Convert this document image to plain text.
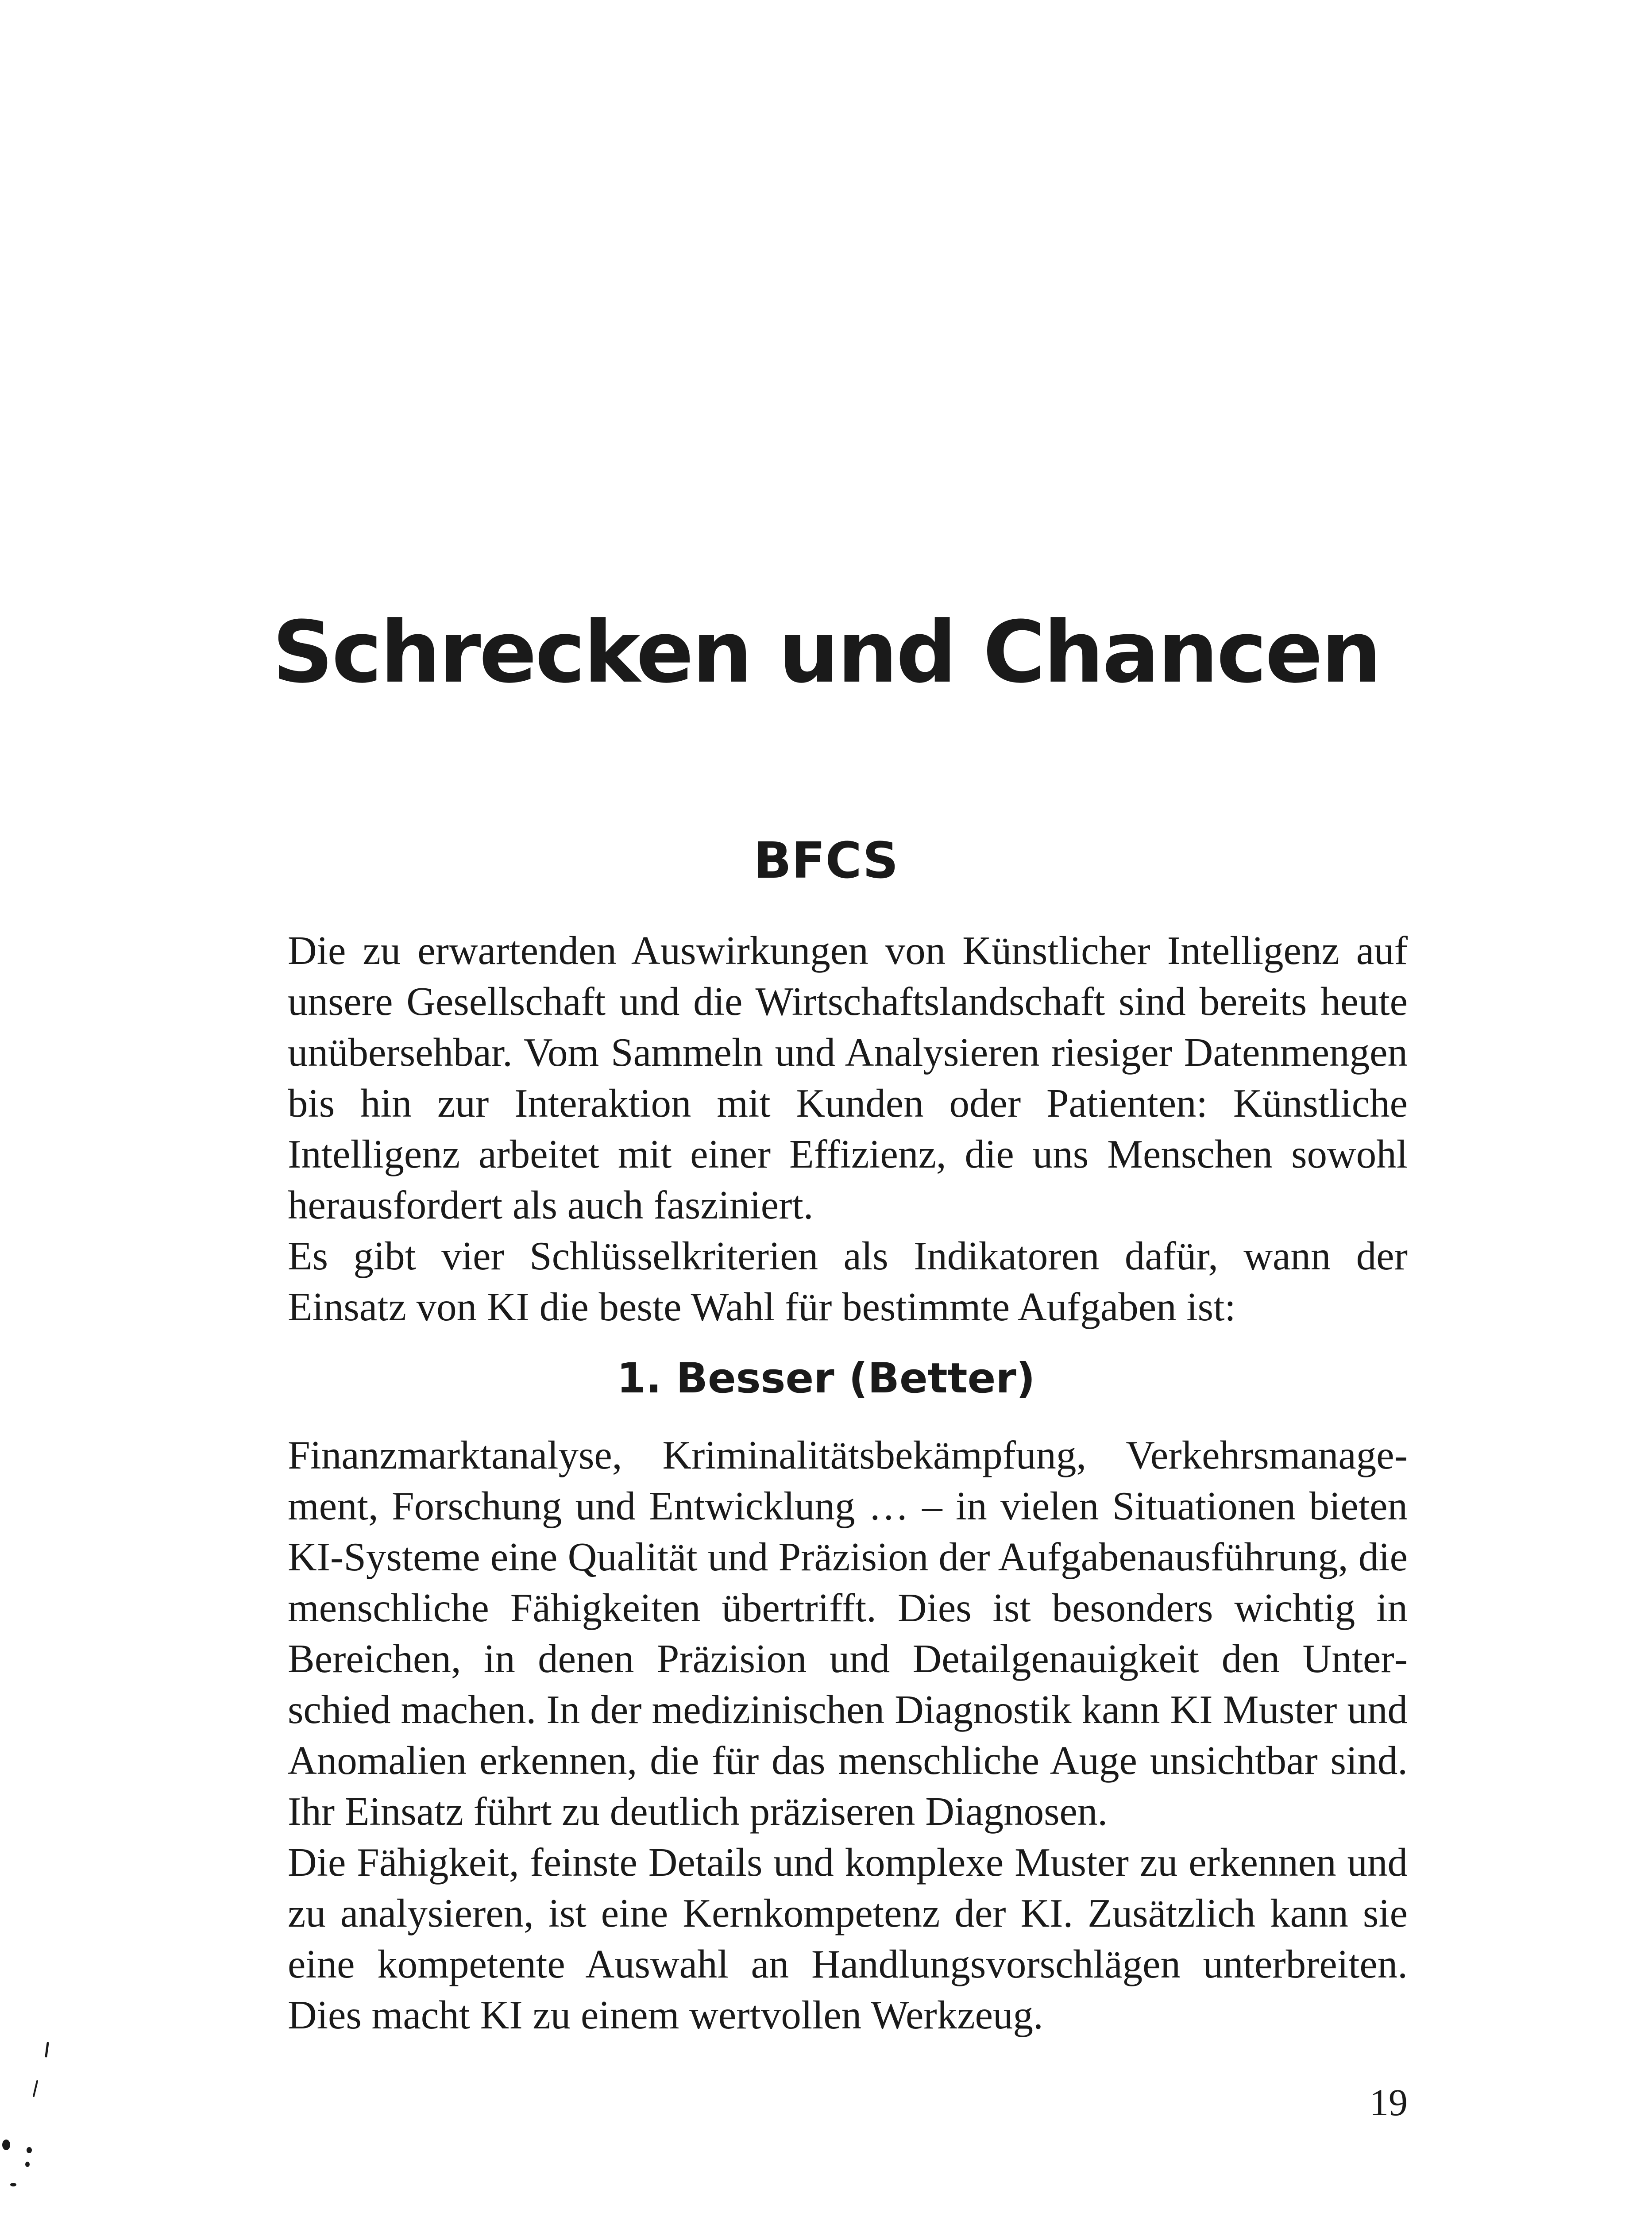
Schrecken und Chancen
BFCS

Die zu erwartenden Auswirkungen von Künstlicher Intelligenz auf unsere Gesellschaft und die Wirtschaftslandschaft sind bereits heute unübersehbar. Vom Sammeln und Analysieren riesiger Datenmengen bis hin zur Interaktion mit Kunden oder Patienten: Künstliche Intelligenz arbeitet mit einer Effizienz, die uns Menschen sowohl herausfordert als auch fasziniert.

Es gibt vier Schlüsselkriterien als Indikatoren dafür, wann der Einsatz von KI die beste Wahl für bestimmte Aufgaben ist:

1. Besser (Better)

Finanzmarktanalyse, Kriminalitätsbekämpfung, Verkehrsmanagement, Forschung und Entwicklung … – in vielen Situationen bieten KI-Systeme eine Qualität und Präzision der Aufgabenausführung, die menschliche Fähigkeiten übertrifft. Dies ist besonders wichtig in Bereichen, in denen Präzision und Detailgenauigkeit den Unterschied machen. In der medizinischen Diagnostik kann KI Muster und Anomalien erkennen, die für das menschliche Auge unsichtbar sind. Ihr Einsatz führt zu deutlich präziseren Diagnosen.

Die Fähigkeit, feinste Details und komplexe Muster zu erkennen und zu analysieren, ist eine Kernkompetenz der KI. Zusätzlich kann sie eine kompetente Auswahl an Handlungsvorschlägen unterbreiten. Dies macht KI zu einem wertvollen Werkzeug.

19
